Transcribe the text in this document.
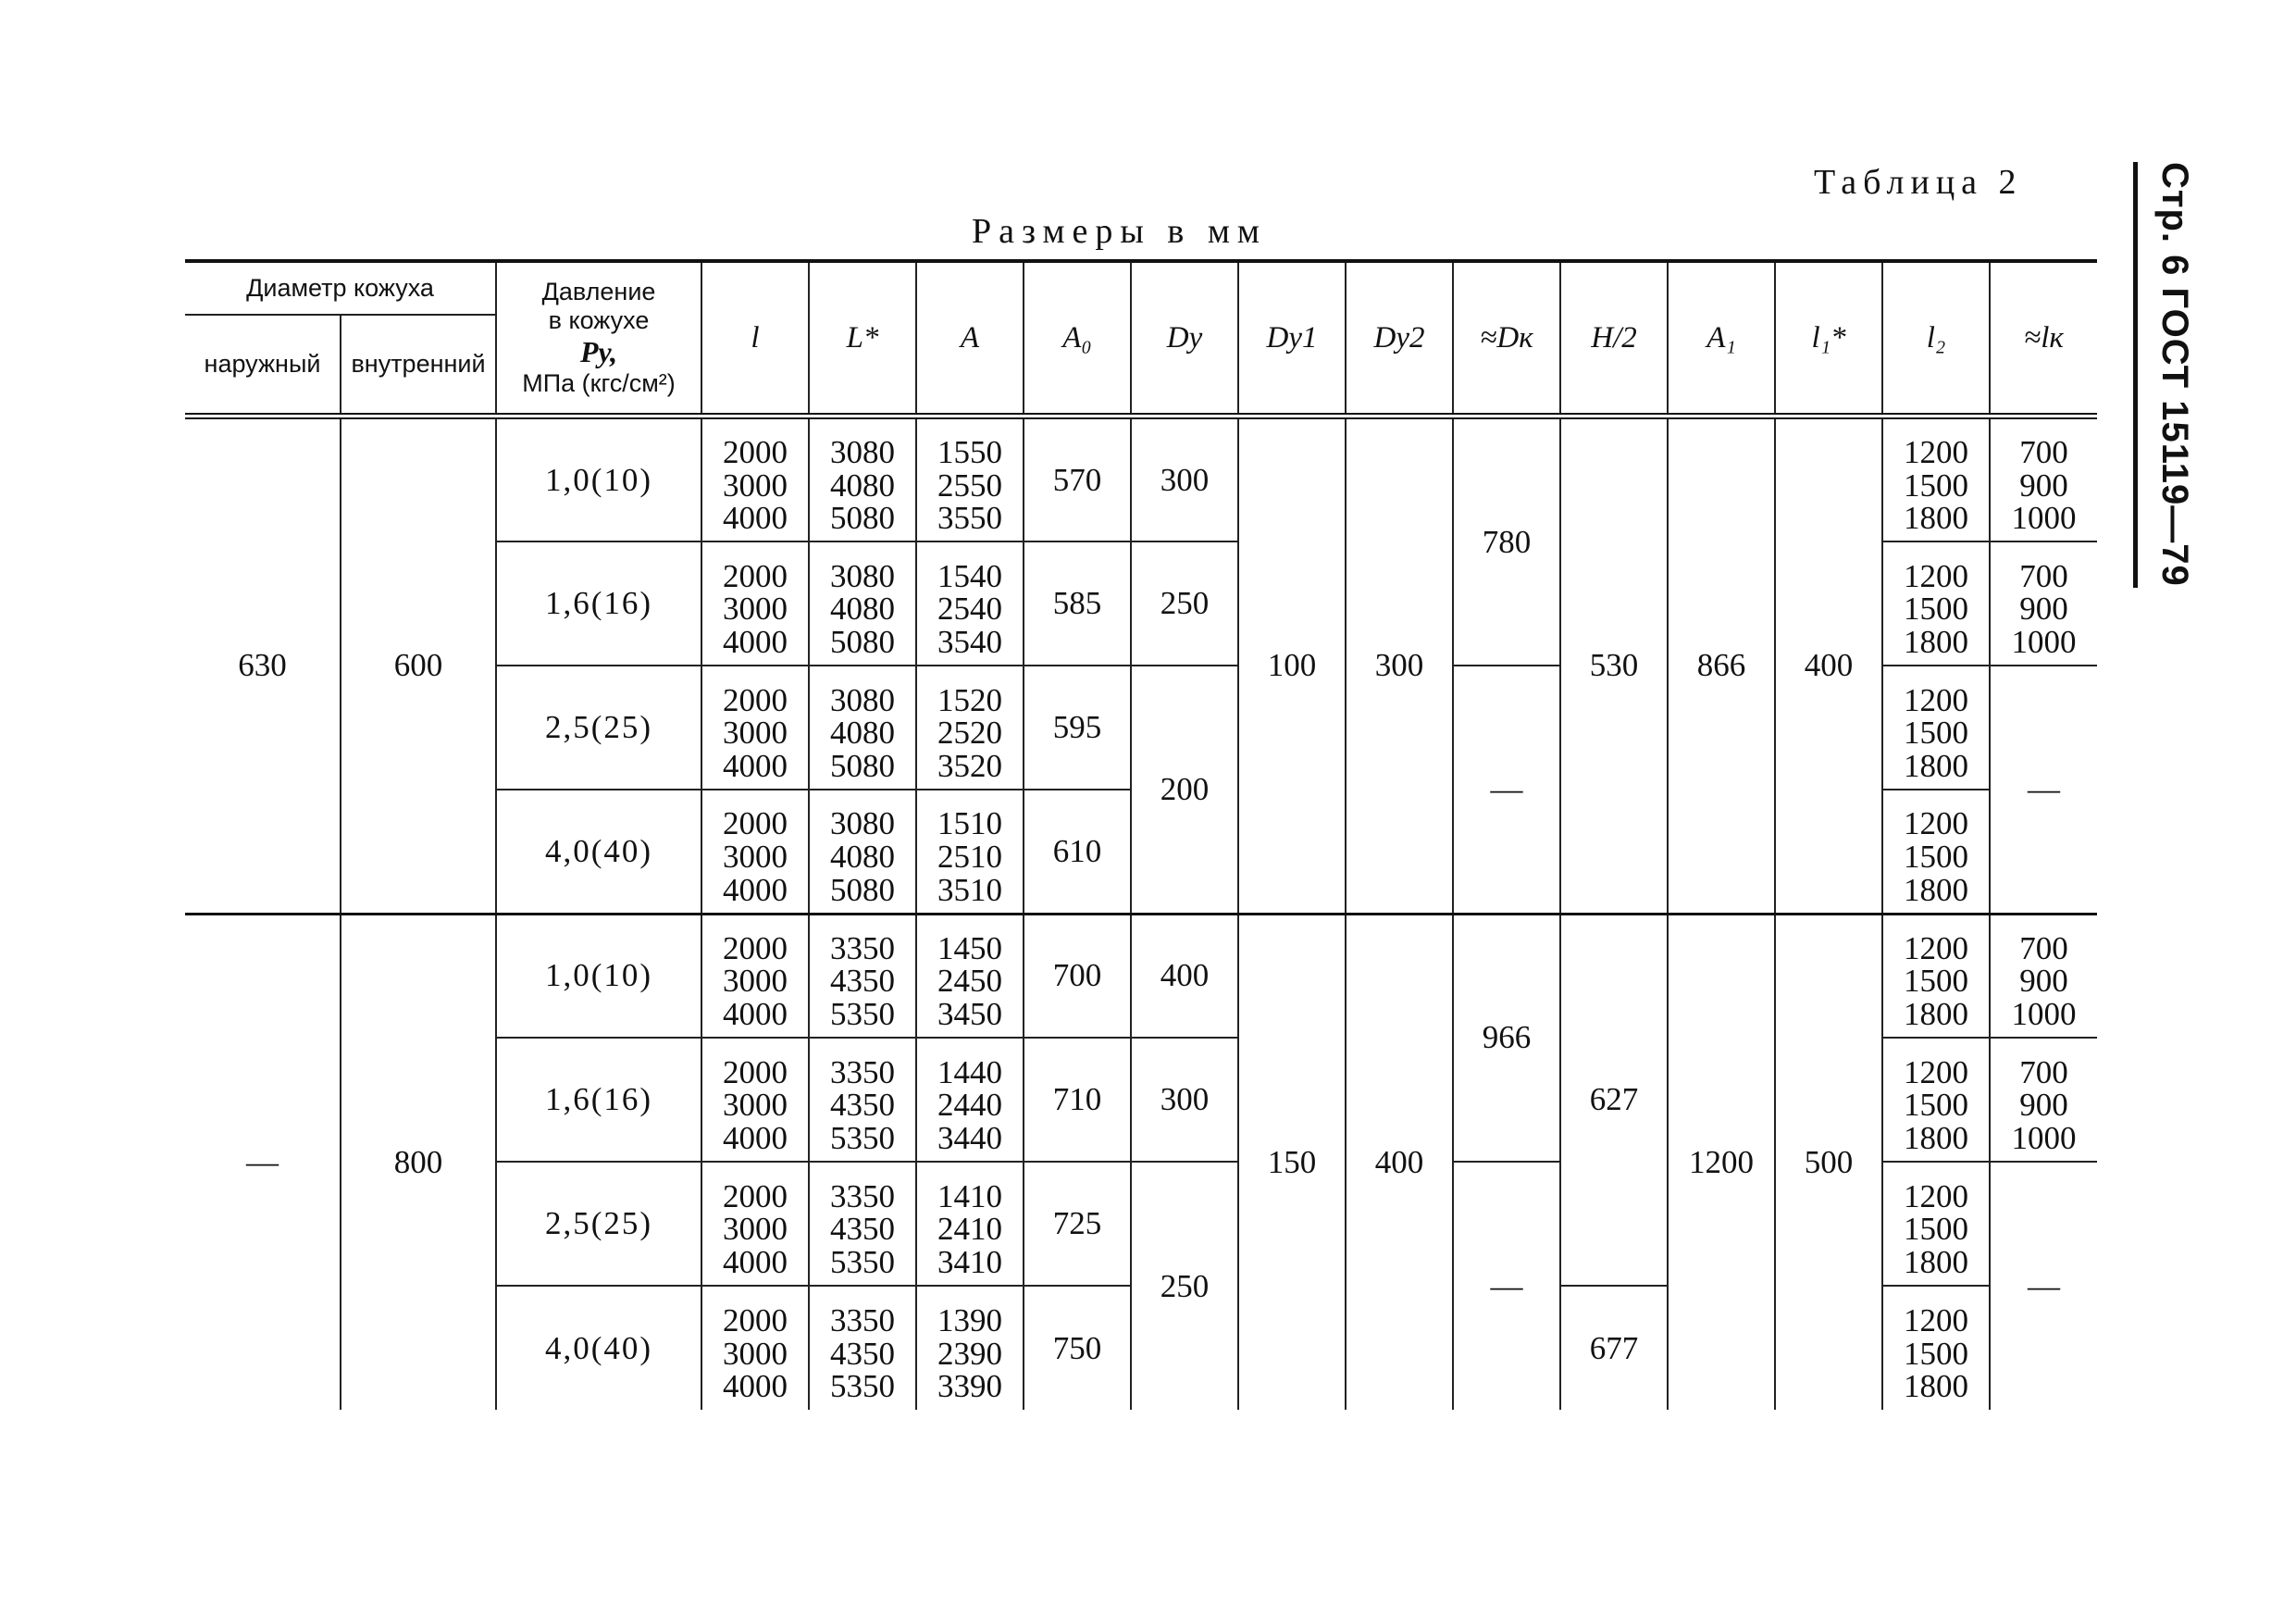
Стр. 6 ГОСТ 15119—79
Таблица 2
Размеры в мм
Диаметр кожуха		Давление
в кожухе
Pу,
МПа (кгс/см²)	l	L*	A	A₀	Dу	Dу1	Dу2	≈Dк	H/2	A₁	l₁*	l₂	≈lк
наружный	внутренний														
630	600	1,0(10)	2000
3000
4000	3080
4080
5080	1550
2550
3550	570	300	100	300	780	530	866	400	1200
1500
1800	700
900
1000

		1,6(16)	2000
3000
4000	3080
4080
5080	1540
2540
3540	585	250							1200
1500
1800	700
900
1000

		2,5(25)	2000
3000
4000	3080
4080
5080	1520
2520
3520	595	200			—				1200
1500
1800	—
		4,0(40)	2000
3000
4000	3080
4080
5080	1510
2510
3510	610								1200
1500
1800	

—	800	1,0(10)	2000
3000
4000	3350
4350
5350	1450
2450
3450	700	400	150	400	966	627	1200	500	1200
1500
1800	700
900
1000

		1,6(16)	2000
3000
4000	3350
4350
5350	1440
2440
3440	710	300							1200
1500
1800	700
900
1000

		2,5(25)	2000
3000
4000	3350
4350
5350	1410
2410
3410	725	250			—				1200
1500
1800	—
		4,0(40)	2000
3000
4000	3350
4350
5350	1390
2390
3390	750					677			1200
1500
1800	
